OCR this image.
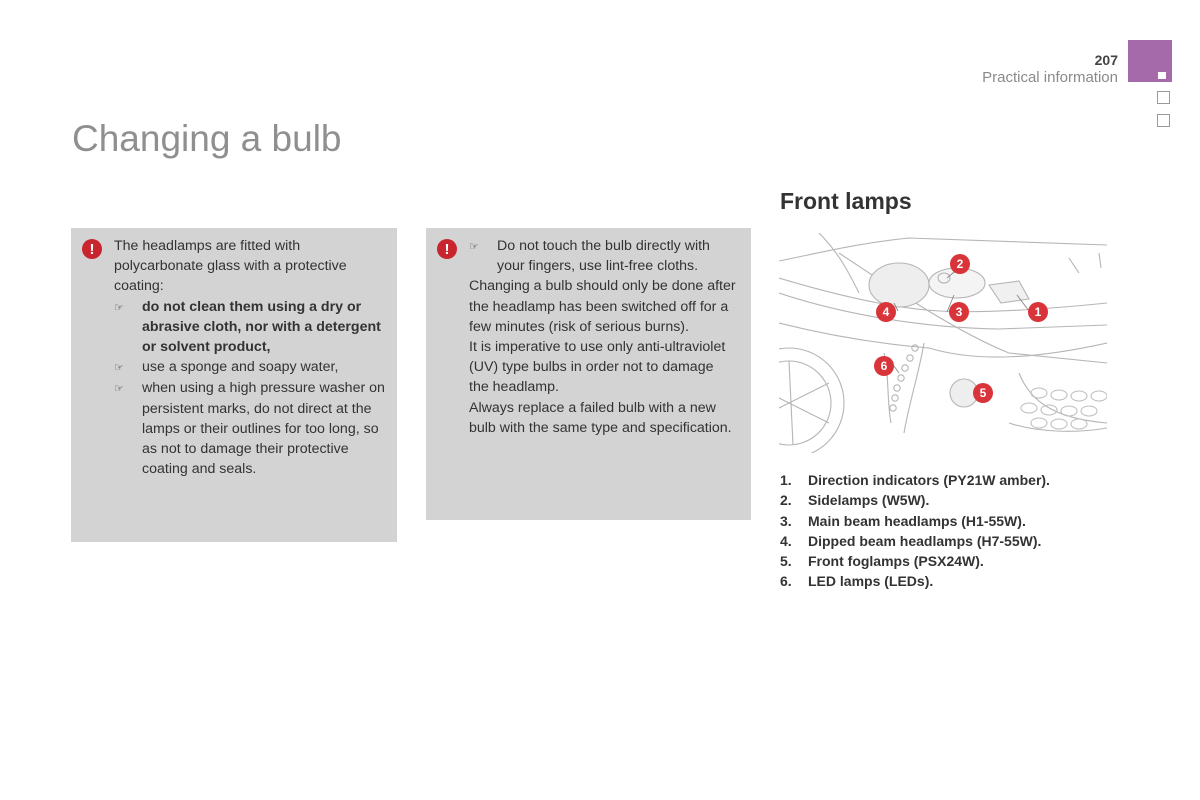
207
Practical information
Changing a bulb
!	The headlamps are fitted with polycarbonate glass with a protective coating:
☞	do not clean them using a dry or abrasive cloth, nor with a detergent or solvent product,
☞	use a sponge and soapy water,
☞	when using a high pressure washer on persistent marks, do not direct at the lamps or their outlines for too long, so as not to damage their protective coating and seals.
!	☞	Do not touch the bulb directly with your fingers, use lint-free cloths.
Changing a bulb should only be done after the headlamp has been switched off for a few minutes (risk of serious burns).
It is imperative to use only anti-ultraviolet (UV) type bulbs in order not to damage the headlamp.
Always replace a failed bulb with a new bulb with the same type and specification.
Front lamps
2
1
3
4
5
6
1.	Direction indicators (PY21W amber).
2.	Sidelamps (W5W).
3.	Main beam headlamps (H1-55W).
4.	Dipped beam headlamps (H7-55W).
5.	Front foglamps (PSX24W).
6.	LED lamps (LEDs).
